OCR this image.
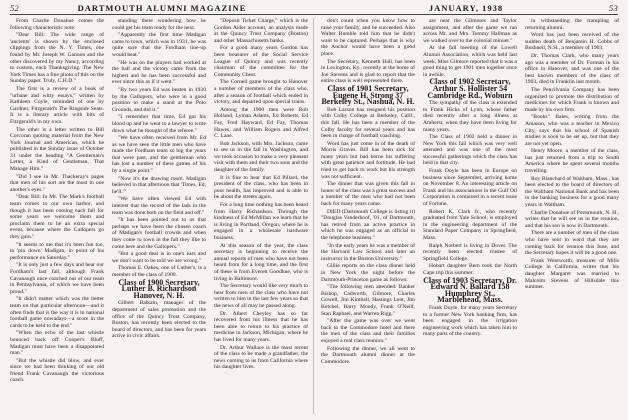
52	DARTMOUTH ALUMNI MAGAZINE	JANUARY, 1938	53

From Charlie Donahue comes the following characteristic note:

"Dear Bill: The wide range of 'ancients' is shown by the enclosed clippings from the N. Y. Times, one found by Mr. Joseph W. Gannon and the other discovered by my Nancy, according to custom, each Thanksgiving. The New York Times has a fine photo of this on the Sunday paper. Truly, C.H.D."

The first is a review of a book of "urbane and witty essays," written by Kathleen Coyle, reminded of one by Gardner, Fitzgerald's The Ringside Seats. It is a literary article with bits of Fitzgerald's in my own.

The other is a letter written to Bill Corcoran quoting material from the New York Journal and American, which he published in the Sunday issue of October 31 under the heading "A Gentleman's Letter, a Kind of Gentleman, That Manage Him."

"Did I see in Mr. Thackeray's pages that men of his sort are the most in one another's eyes."

"Dear Bill: In Mr. The Mark's football team comes to our own harbor, and though it has been coming each fall for some years we welcome them and proclaim them to be an extra special event, because where the Gallopers go they gain."

"It seems to me that it's been fun too, to 'pin down' Madigan, in point of his performance on Saturday."

"It is only just a few days and hear our Fordham's last fall, although Frank Cavanaugh once coached out of our team in Pennsylvania, of which we have been proud."

"It didn't matter which was the better team on that particular afternoon—and it often finds that is the way it is in national football game nowadays—a score in the cards to be held to the end."

"When the echo of the last whistle bounced back off Cooper's Bluff, Madigan must have been a disappointed man."

"But the whistle did blow, and ever since we had been thinking of our old friend Frank Cavanaugh the victorious coach.

standing there wondering how he could get his team ready for the next.

"Apparently the first time Madigan came to town, which was in 1931, he was quite sure that the Fordham line-up would beat."

"He was on the players had worked at the ball and the victory came from the highest and he has been successful and ever since this as if it went."

"By two years Ed was beaten in 1930 by the Gallopers, who were in a good position to make a stand at the Polo Grounds, and did it."

"I remember that time, Ed got his blood up and he went to a lawyer to write down what he thought of the referee."

"We have often received from Mr. Ed as we have seen the little men who have made the Fordham team so big the years that were past, and the gentleman who has lost a number of these games of his by a single point."

"Now it's the drawing room. Madigan believed in that afternoon that 'Times, Ed, he'll.'"

"We have often viewed Ed with interest that the record of the lads in the team was done both on the field and off."

"It has been pointed out to us that perhaps we have been the chosen coach of Madigan's football crowds and when they come to town in the fall they like to come here and the Gallopers."

"But a good deal is in one's ears and we don't want to be told we are wrong."

Thomas E. Oakes, one of Luther's, is a member of the class of 1900.

Class of 1900 Secretary, Luther B. Richardson Hanover, N. H.

Gilbert Balkam, manager of the department of sales promotion and the office of the Quincy Trust Company, Boston, has recently been elected to the board of directors, and has been for years active in civic affairs.

"Deposit Ticket Charge," which is the Gordon Aider account, an analysis made at the Quincy Trust Company (Boston) and other Massachusetts banks.

For a good many years Gordon has been treasurer of the Social Service League of Quincy and was recently chairman of the committee for the Community Chest.

The Cornell game brought to Hanover a number of members of the class who, after a season of football which ended in victory, and departed upon special trains.

Among the 1900 men were Bob Holland, Lyman Adams, Ed Roberts, Ed Fay, Fred Hayward, Ed Fay, Thomas Hawes, and William Rogers and Alfred C. Lane.

Bob Jackson, with Mrs. Jackson, came to see us in the fall in Washington, and we took occasion to make a very pleasant visit with them and their two sons and the daughter of the family.

It is fine to hear that Ed Pillard, the president of the class, who has been in poor health, has improved and is able to be about the streets again.

For a long time nothing has been heard from Harry Richardson. Through the kindness of Ed McMillan we learn that he is living in Portland, Oregon, where he is engaged in a wholesale hardware business.

At this season of the year, the class secretary is beginning to receive the annual reports of men who have not been heard from for a long time, and the first of these is from Everett Goodhue, who is living in Baltimore.

The Secretary would like very much to hear from men of the class who have not written to him in the last few years so that the news of all may be passed along.

Dr. Albert Cheyley has so far recovered from his illness that he has been able to return to his practice of medicine in Jackson, Michigan, where he has lived for many years.

Dr. Arthur Wallace is the most recent of the class to be made a grandfather, the news coming to us from California where his daughter lives.

don't count when you know how to raise your family, and he succeeded. Also Walter Rumble told him that he didn't want to be captured. Perhaps that is why the Anchor would have been a good place.

The Secretary, Kenneth Hall, has been in Lexington, Ky., recently at the home of Joe Stevens and is glad to report that the entire class is well represented there.

Class of 1901 Secretary, Eugene H. Strong 37 Berkeley St., Nashua, N. H.

Bob Larson has resigned his position with Colby College at Berkeley, Calif., this fall. He has been a member of the Colby faculty for several years and has been in charge of football coaching.

Word has just come in of the death of Morris Graves. Bill has been sick for many years but had borne his suffering with great patience and fortitude. He had tried to get back to work but his strength was not sufficient.

The dinner that was given this fall in honor of the class was a great success and a number of the men who had not been back for many years came.

DIED (Dartmouth College is listing it) "Douglas Vanderhoof, '01, of Dartmouth, has retired from an active practice in which he was engaged as an official in the telephone business."

"In the early years he was a member of the Harvard Law School and later an instructor in the Boston University."

Gillie reports on the class dinner held in New York the night before the Dartmouth-Princeton game as follows:

"The following men attended: Banker Bishop, Cadworth, Gilmore, Charles Gowell, Jim Kimball, Hastings Lent, Jim Ketchel, Harry Moody, Frank O'Neill, Stan Raphael, and Warren Rigg."

"After the game was over we went back to the Commodore hotel and there the men of the class and their families enjoyed a real class reunion."

Following the dinner, we all went to the Dartmouth alumni dinner at the Commodore.

are near the Gilmores and Taylor assignment, and after the game we ran across Mr. and Mrs. Tommy Hallman as we walked over to the colonial minuet."

At the fall meeting of the Lowell Alumni Association, which was held last week, Miss Gilmore reported that it was a good thing to get 1901 men together once in awhile.

Class of 1902 Secretary, Arthur S. Hollister 54 Cambridge Rd., Woburn

The sympathy of the class is extended to Frank Hicks of Lynn, whose father died recently after a long illness at Amherst, when they have been living for many years.

The Class of 1902 held a dinner in New York this fall which was very well attended and was one of the most successful gatherings which the class has held in that city.

Frank Doyle has been in Europe on business since September, arriving home on November 8. An interesting article on Frank and his associations in the Gulf Oil Corporation is contained in a recent issue of Fortune.

Robert K. Clark Jr., who recently graduated from Yale School, is employed in the engineering department of the Standard Paper Company in Springfield, Mass.

Ralph Norbert is living in Dover. The recently been elected trustee of Springfield College.

Hobart daughter Bern took the North Cape trip this summer.

Class of 1903 Secretary, Dr. Edward N. Ballard 158 Humphrey St., Marblehead, Mass.

Frank Doyle, for many years Secretary to a former New York banking firm, has been engaged in the irrigation engineering work which has taken him to many parts of the country.

in withstanding the trampling of returning alumni.

Word has just been received of the sudden death of Benjamin H. Cobbs of Bushnell, N.H., a member of 1903.

Dr. Thomas Clark, who many years ago was a member of Dr. Forman in his office in Hanover, and was one of the best known members of the class of 1903, died in Franklin last month.

The Pencilvania Company has been organized to promote the distribution of medicines for which Frank is known and made by his own firm.

"Books" Bales, writing from the Amazon, who was a teacher in Mexico City, says that his school of Spanish studies is soon to be set up, but that they are not yet open.

Henry Moore, a member of the class, has just returned from a trip to South America where he spent several months travelling.

Roy Blanchard of Waltham, Mass., has been elected to the board of directors of the Waltham National Bank and has been in the banking business for a good many years in Waltham.

Charlie Donahue of Portsmouth, N. H., writes that he will see us in the reunion, and that his son is now in Dartmouth.

There are a number of men of the class who have sent in word that they are coming back for reunion this June, and the Secretary hopes it will be a good one.

Frank Wentworth, treasurer of Mills College in California, writes that his daughter Margaret was married to Malcolm Stevens of Hillsdale this summer.
